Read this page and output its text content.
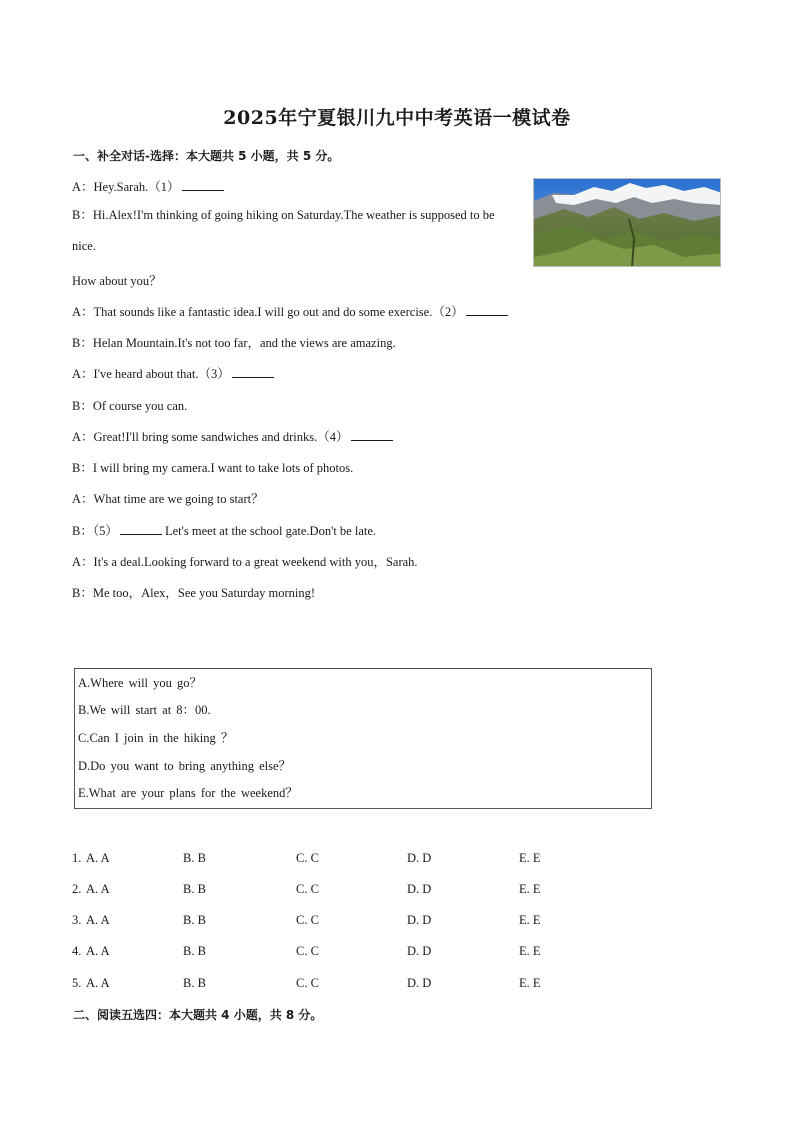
2025年宁夏银川九中中考英语一模试卷
一、补全对话-选择：本大题共 5 小题，共 5 分。
A：Hey.Sarah.（1）
B：Hi.Alex!I'm thinking of going hiking on Saturday.The weather is supposed to be nice.
How about you？
A：That sounds like a fantastic idea.I will go out and do some exercise.（2）
B：Helan Mountain.It's not too far，and the views are amazing.
A：I've heard about that.（3）
B：Of course you can.
A：Great!I'll bring some sandwiches and drinks.（4）
B：I will bring my camera.I want to take lots of photos.
A：What time are we going to start？
B：（5）	Let's meet at the school gate.Don't be late.
A：It's a deal.Looking forward to a great weekend with you，Sarah.
B：Me too，Alex，See you Saturday morning!
A.Where will you go？
B.We will start at 8：00.
C.Can I join in the hiking ？
D.Do you want to bring anything else？
E.What are your plans for the weekend？
1. A. A	B. B	C. C	D. D	E. E
2. A. A	B. B	C. C	D. D	E. E
3. A. A	B. B	C. C	D. D	E. E
4. A. A	B. B	C. C	D. D	E. E
5. A. A	B. B	C. C	D. D	E. E
二、阅读五选四：本大题共 4 小题，共 8 分。
